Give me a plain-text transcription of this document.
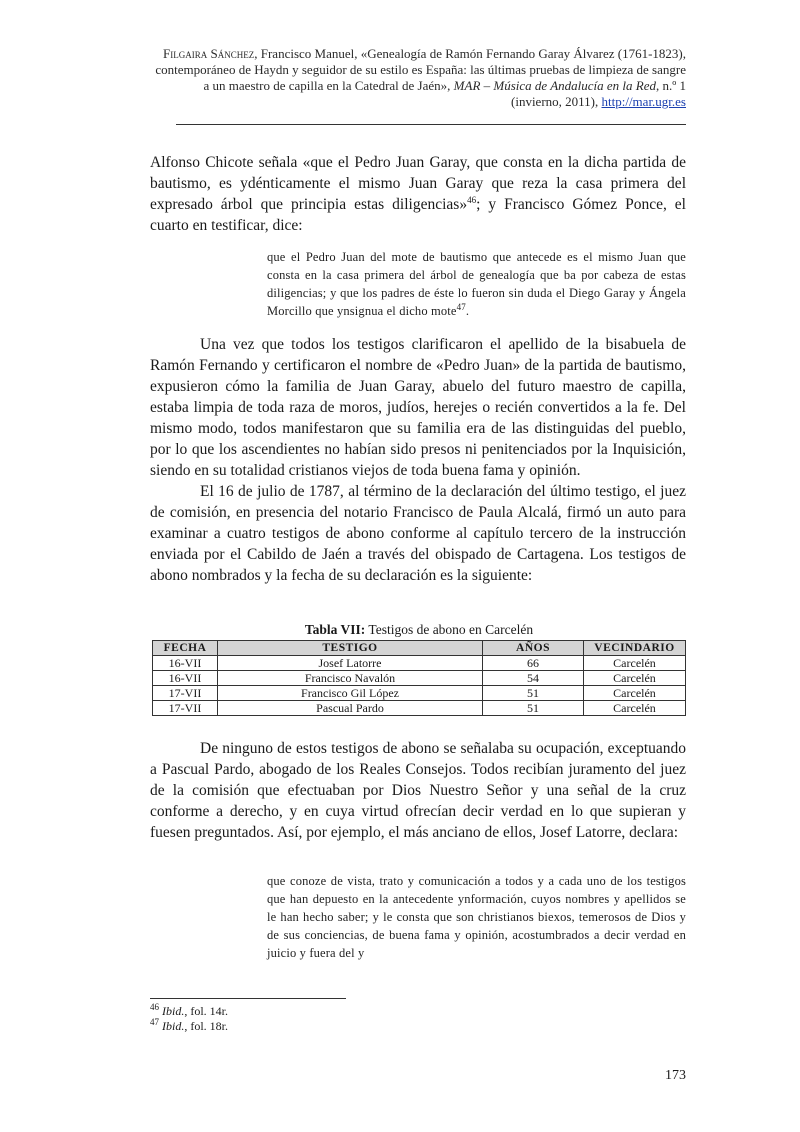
Filgaira Sánchez, Francisco Manuel, «Genealogía de Ramón Fernando Garay Álvarez (1761-1823), contemporáneo de Haydn y seguidor de su estilo es España: las últimas pruebas de limpieza de sangre a un maestro de capilla en la Catedral de Jaén», MAR – Música de Andalucía en la Red, n.º 1 (invierno, 2011), http://mar.ugr.es
Alfonso Chicote señala «que el Pedro Juan Garay, que consta en la dicha partida de bautismo, es ydénticamente el mismo Juan Garay que reza la casa primera del expresado árbol que principia estas diligencias»$^{46}$; y Francisco Gómez Ponce, el cuarto en testificar, dice:
que el Pedro Juan del mote de bautismo que antecede es el mismo Juan que consta en la casa primera del árbol de genealogía que ba por cabeza de estas diligencias; y que los padres de éste lo fueron sin duda el Diego Garay y Ángela Morcillo que ynsignua el dicho mote$^{47}$.
Una vez que todos los testigos clarificaron el apellido de la bisabuela de Ramón Fernando y certificaron el nombre de «Pedro Juan» de la partida de bautismo, expusieron cómo la familia de Juan Garay, abuelo del futuro maestro de capilla, estaba limpia de toda raza de moros, judíos, herejes o recién convertidos a la fe. Del mismo modo, todos manifestaron que su familia era de las distinguidas del pueblo, por lo que los ascendientes no habían sido presos ni penitenciados por la Inquisición, siendo en su totalidad cristianos viejos de toda buena fama y opinión.
El 16 de julio de 1787, al término de la declaración del último testigo, el juez de comisión, en presencia del notario Francisco de Paula Alcalá, firmó un auto para examinar a cuatro testigos de abono conforme al capítulo tercero de la instrucción enviada por el Cabildo de Jaén a través del obispado de Cartagena. Los testigos de abono nombrados y la fecha de su declaración es la siguiente:
Tabla VII: Testigos de abono en Carcelén
FECHA	TESTIGO	AÑOS	VECINDARIO
16-VII	Josef Latorre	66	Carcelén
16-VII	Francisco Navalón	54	Carcelén
17-VII	Francisco Gil López	51	Carcelén
17-VII	Pascual Pardo	51	Carcelén
De ninguno de estos testigos de abono se señalaba su ocupación, exceptuando a Pascual Pardo, abogado de los Reales Consejos. Todos recibían juramento del juez de la comisión que efectuaban por Dios Nuestro Señor y una señal de la cruz conforme a derecho, y en cuya virtud ofrecían decir verdad en lo que supieran y fuesen preguntados. Así, por ejemplo, el más anciano de ellos, Josef Latorre, declara:
que conoze de vista, trato y comunicación a todos y a cada uno de los testigos que han depuesto en la antecedente ynformación, cuyos nombres y apellidos se le han hecho saber; y le consta que son christianos biexos, temerosos de Dios y de sus conciencias, de buena fama y opinión, acostumbrados a decir verdad en juicio y fuera del y
$^{46}$ Ibid., fol. 14r.
$^{47}$ Ibid., fol. 18r.
173
